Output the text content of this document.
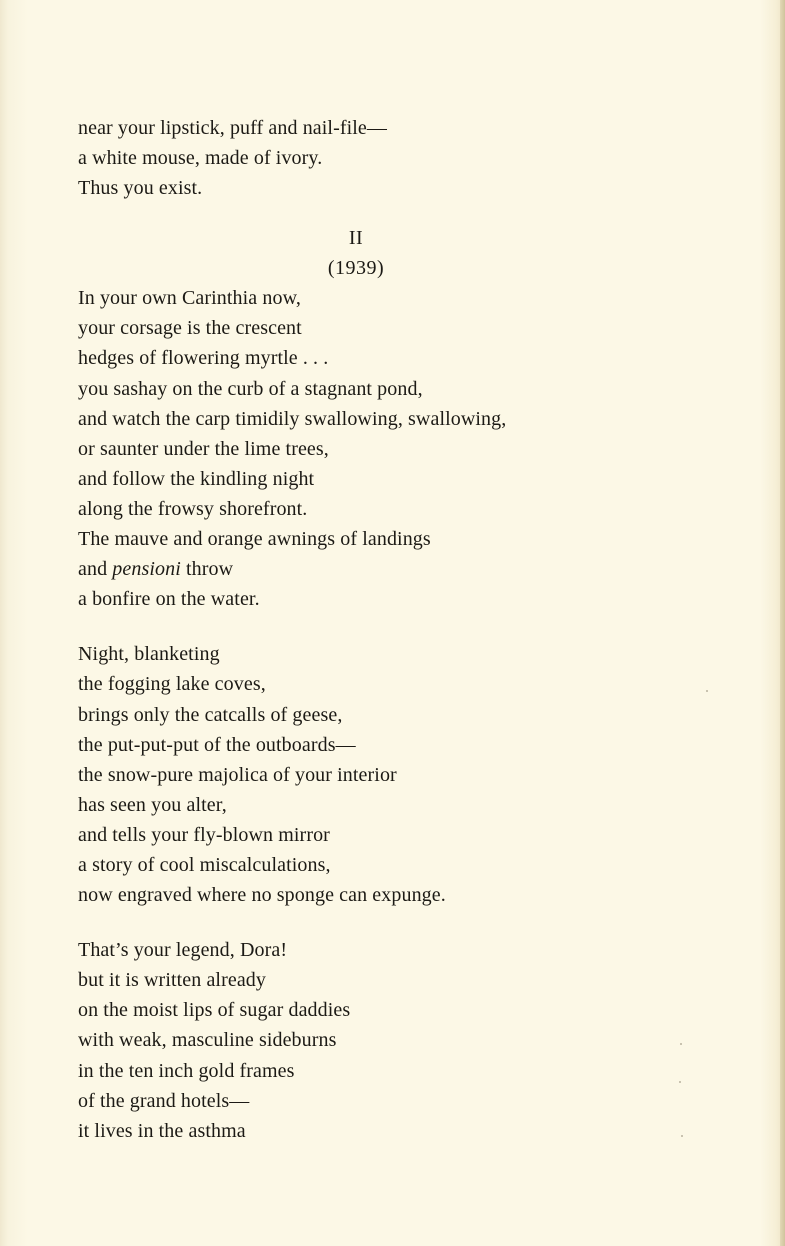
near your lipstick, puff and nail-file—
a white mouse, made of ivory.
Thus you exist.
II
(1939)
In your own Carinthia now,
your corsage is the crescent
hedges of flowering myrtle . . .
you sashay on the curb of a stagnant pond,
and watch the carp timidily swallowing, swallowing,
or saunter under the lime trees,
and follow the kindling night
along the frowsy shorefront.
The mauve and orange awnings of landings
and pensioni throw
a bonfire on the water.
Night, blanketing
the fogging lake coves,
brings only the catcalls of geese,
the put-put-put of the outboards—
the snow-pure majolica of your interior
has seen you alter,
and tells your fly-blown mirror
a story of cool miscalculations,
now engraved where no sponge can expunge.
That’s your legend, Dora!
but it is written already
on the moist lips of sugar daddies
with weak, masculine sideburns
in the ten inch gold frames
of the grand hotels—
it lives in the asthma
